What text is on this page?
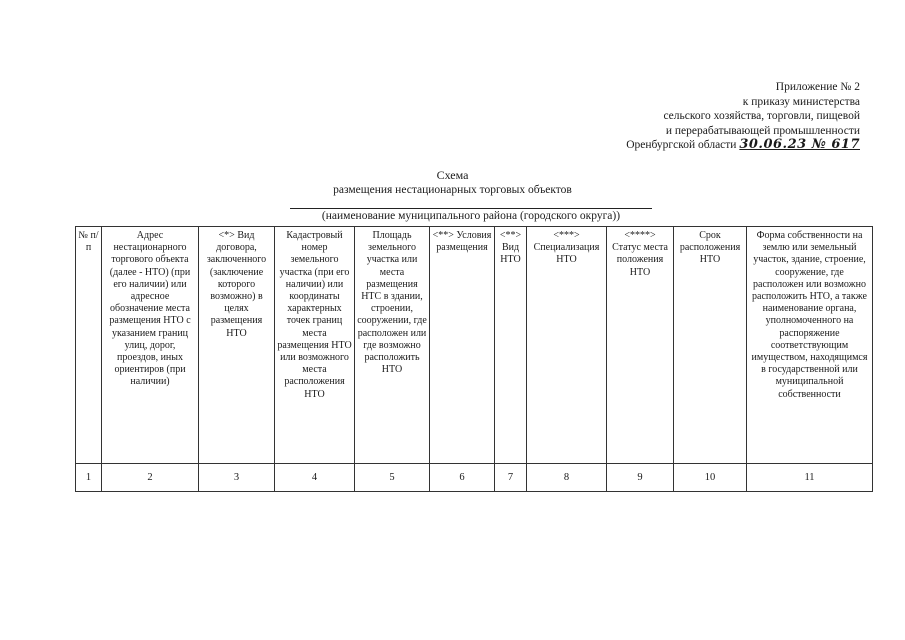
Приложение № 2
к приказу министерства
сельского хозяйства, торговли, пищевой
и перерабатывающей промышленности
Оренбургской области 30.06.23 № 617
Схема
размещения нестационарных торговых объектов
(наименование муниципального района (городского округа))
№ п/п	Адрес нестационарного торгового объекта (далее - НТО) (при его наличии) или адресное обозначение места размещения НТО с указанием границ улиц, дорог, проездов, иных ориентиров (при наличии)	<*> Вид договора, заключенного (заключение которого возможно) в целях размещения НТО	Кадастровый номер земельного участка (при его наличии) или координаты характерных точек границ места размещения НТО или возможного места расположения НТО	Площадь земельного участка или места размещения НТС в здании, строении, сооружении, где расположен или где возможно расположить НТО	<**> Условия размещения	<**> Вид НТО	<***> Специализация НТО	<****> Статус места положения НТО	Срок расположения НТО	Форма собственности на землю или земельный участок, здание, строение, сооружение, где расположен или возможно расположить НТО, а также наименование органа, уполномоченного на распоряжение соответствующим имуществом, находящимся в государственной или муниципальной собственности
1	2	3	4	5	6	7	8	9	10	11
